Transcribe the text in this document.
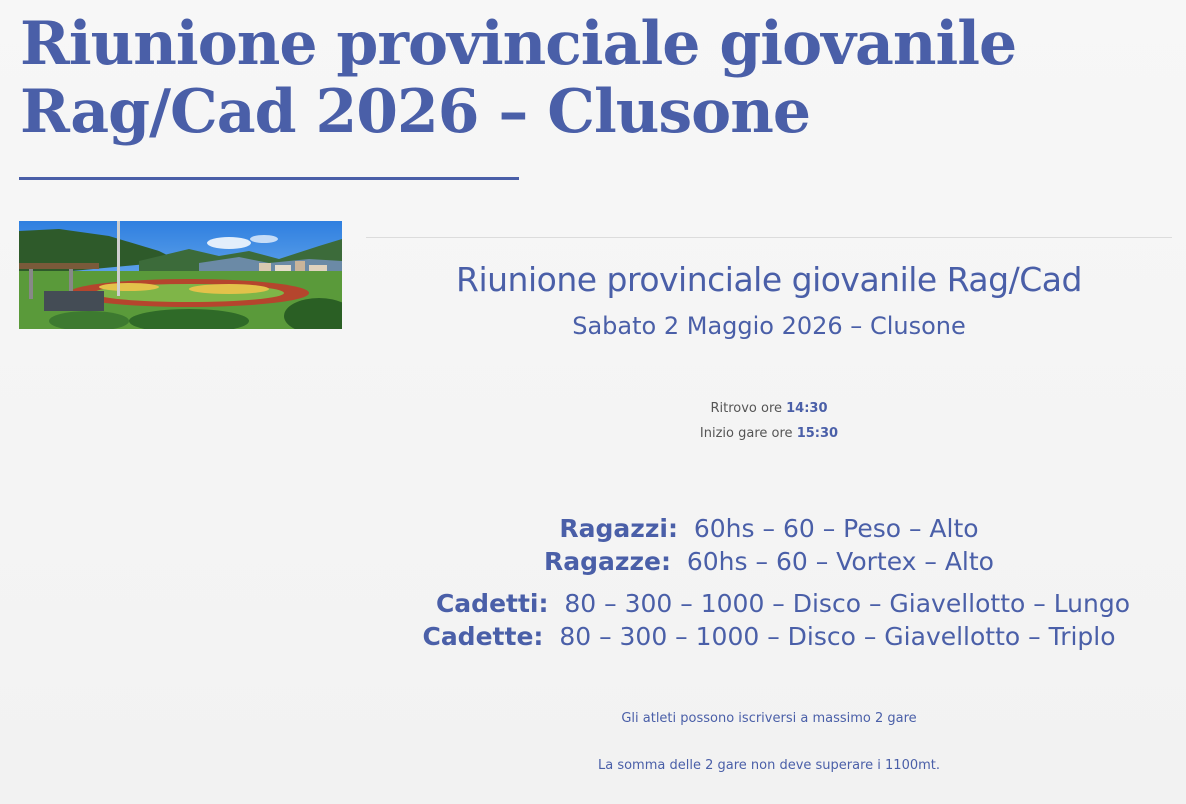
Riunione provinciale giovanile
Rag/Cad 2026 – Clusone
Riunione provinciale giovanile Rag/Cad
Sabato 2 Maggio 2026 – Clusone
Ritrovo ore 14:30
Inizio gare ore 15:30
Ragazzi: 60hs – 60 – Peso – Alto
Ragazze: 60hs – 60 – Vortex – Alto
Cadetti: 80 – 300 – 1000 – Disco – Giavellotto – Lungo
Cadette: 80 – 300 – 1000 – Disco – Giavellotto – Triplo
Gli atleti possono iscriversi a massimo 2 gare
La somma delle 2 gare non deve superare i 1100mt.
